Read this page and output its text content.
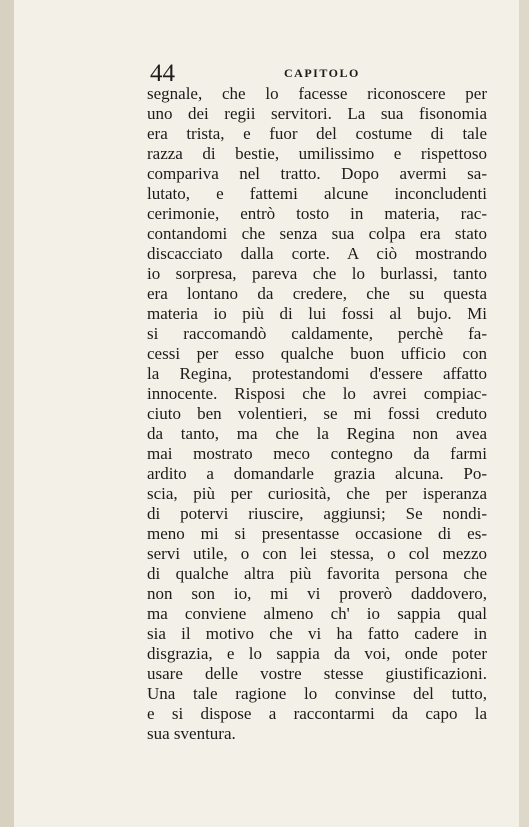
44	CAPITOLO
segnale, che lo facesse riconoscere per
uno dei regii servitori. La sua fisonomia
era trista, e fuor del costume di tale
razza di bestie, umilissimo e rispettoso
compariva nel tratto. Dopo avermi sa-
lutato, e fattemi alcune inconcludenti
cerimonie, entrò tosto in materia, rac-
contandomi che senza sua colpa era stato
discacciato dalla corte. A ciò mostrando
io sorpresa, pareva che lo burlassi, tanto
era lontano da credere, che su questa
materia io più di lui fossi al bujo. Mi
si raccomandò caldamente, perchè fa-
cessi per esso qualche buon ufficio con
la Regina, protestandomi d'essere affatto
innocente. Risposi che lo avrei compiac-
ciuto ben volentieri, se mi fossi creduto
da tanto, ma che la Regina non avea
mai mostrato meco contegno da farmi
ardito a domandarle grazia alcuna. Po-
scia, più per curiosità, che per isperanza
di potervi riuscire, aggiunsi; Se nondi-
meno mi si presentasse occasione di es-
servi utile, o con lei stessa, o col mezzo
di qualche altra più favorita persona che
non son io, mi vi proverò daddovero,
ma conviene almeno ch' io sappia qual
sia il motivo che vi ha fatto cadere in
disgrazia, e lo sappia da voi, onde poter
usare delle vostre stesse giustificazioni.
Una tale ragione lo convinse del tutto,
e si dispose a raccontarmi da capo la
sua sventura.
